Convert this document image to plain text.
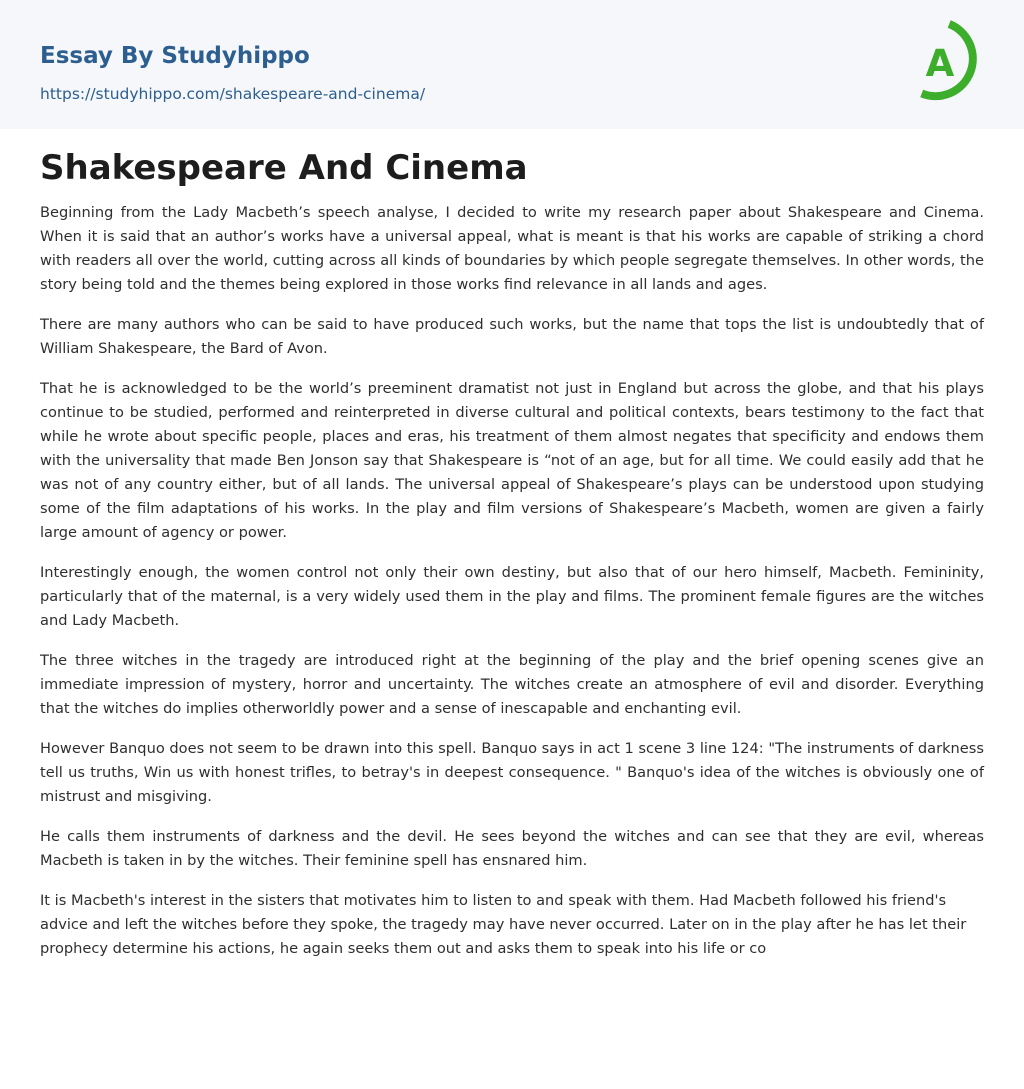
Essay By Studyhippo
https://studyhippo.com/shakespeare-and-cinema/
A
Shakespeare And Cinema

Beginning from the Lady Macbeth’s speech analyse, I decided to write my research paper about Shakespeare and Cinema. When it is said that an author’s works have a universal appeal, what is meant is that his works are capable of striking a chord with readers all over the world, cutting across all kinds of boundaries by which people segregate themselves. In other words, the story being told and the themes being explored in those works find relevance in all lands and ages.

There are many authors who can be said to have produced such works, but the name that tops the list is undoubtedly that of William Shakespeare, the Bard of Avon.

That he is acknowledged to be the world’s preeminent dramatist not just in England but across the globe, and that his plays continue to be studied, performed and reinterpreted in diverse cultural and political contexts, bears testimony to the fact that while he wrote about specific people, places and eras, his treatment of them almost negates that specificity and endows them with the universality that made Ben Jonson say that Shakespeare is “not of an age, but for all time. We could easily add that he was not of any country either, but of all lands. The universal appeal of Shakespeare’s plays can be understood upon studying some of the film adaptations of his works. In the play and film versions of Shakespeare’s Macbeth, women are given a fairly large amount of agency or power.

Interestingly enough, the women control not only their own destiny, but also that of our hero himself, Macbeth. Femininity, particularly that of the maternal, is a very widely used them in the play and films. The prominent female figures are the witches and Lady Macbeth.

The three witches in the tragedy are introduced right at the beginning of the play and the brief opening scenes give an immediate impression of mystery, horror and uncertainty. The witches create an atmosphere of evil and disorder. Everything that the witches do implies otherworldly power and a sense of inescapable and enchanting evil.

However Banquo does not seem to be drawn into this spell. Banquo says in act 1 scene 3 line 124: "The instruments of darkness tell us truths, Win us with honest trifles, to betray's in deepest consequence. " Banquo's idea of the witches is obviously one of mistrust and misgiving.

He calls them instruments of darkness and the devil. He sees beyond the witches and can see that they are evil, whereas Macbeth is taken in by the witches. Their feminine spell has ensnared him.

It is Macbeth's interest in the sisters that motivates him to listen to and speak with them. Had Macbeth followed his friend's advice and left the witches before they spoke, the tragedy may have never occurred. Later on in the play after he has let their prophecy determine his actions, he again seeks them out and asks them to speak into his life or co
